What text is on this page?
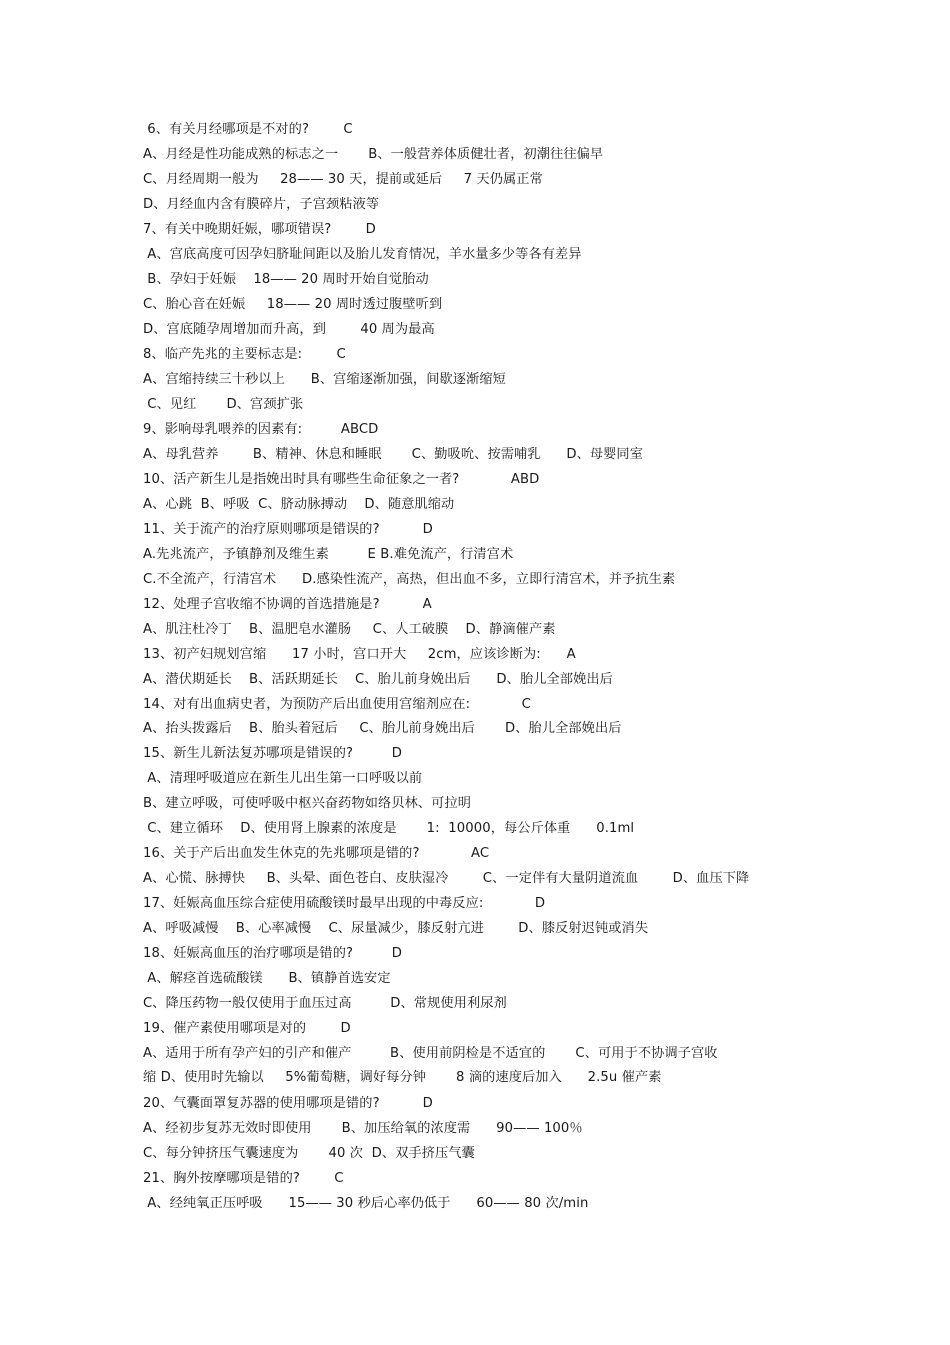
6、有关月经哪项是不对的?        C
A、月经是性功能成熟的标志之一       B、一般营养体质健壮者，初潮往往偏早
C、月经周期一般为     28—— 30 天，提前或延后     7 天仍属正常
D、月经血内含有膜碎片，子宫颈粘液等
7、有关中晚期妊娠，哪项错误?        D
A、宫底高度可因孕妇脐耻间距以及胎儿发育情况，羊水量多少等各有差异
B、孕妇于妊娠    18—— 20 周时开始自觉胎动
C、胎心音在妊娠     18—— 20 周时透过腹壁听到
D、宫底随孕周增加而升高，到        40 周为最高
8、临产先兆的主要标志是:        C
A、宫缩持续三十秒以上      B、宫缩逐渐加强，间歇逐渐缩短
C、见红       D、宫颈扩张
9、影响母乳喂养的因素有:         ABCD
A、母乳营养        B、精神、休息和睡眠       C、勤吸吮、按需哺乳      D、母婴同室
10、活产新生儿是指娩出时具有哪些生命征象之一者?            ABD
A、心跳  B、呼吸  C、脐动脉搏动    D、随意肌缩动
11、关于流产的治疗原则哪项是错误的?          D
A.先兆流产，予镇静剂及维生素         E B.难免流产，行清宫术
C.不全流产，行清宫术      D.感染性流产，高热，但出血不多，立即行清宫术，并予抗生素
12、处理子宫收缩不协调的首选措施是?          A
A、肌注杜冷丁    B、温肥皂水灌肠     C、人工破膜    D、静滴催产素
13、初产妇规划宫缩      17 小时，宫口开大     2cm，应该诊断为:      A
A、潜伏期延长    B、活跃期延长    C、胎儿前身娩出后      D、胎儿全部娩出后
14、对有出血病史者，为预防产后出血使用宫缩剂应在:            C
A、抬头拨露后    B、胎头着冠后     C、胎儿前身娩出后       D、胎儿全部娩出后
15、新生儿新法复苏哪项是错误的?         D
A、清理呼吸道应在新生儿出生第一口呼吸以前
B、建立呼吸，可使呼吸中枢兴奋药物如络贝林、可拉明
C、建立循环    D、使用肾上腺素的浓度是       1:  10000，每公斤体重      0.1ml
16、关于产后出血发生休克的先兆哪项是错的?            AC
A、心慌、脉搏快     B、头晕、面色苍白、皮肤湿冷        C、一定伴有大量阴道流血        D、血压下降
17、妊娠高血压综合症使用硫酸镁时最早出现的中毒反应:            D
A、呼吸减慢    B、心率减慢    C、尿量减少，膝反射亢进        D、膝反射迟钝或消失
18、妊娠高血压的治疗哪项是错的?         D
A、解痉首选硫酸镁      B、镇静首选安定
C、降压药物一般仅使用于血压过高         D、常规使用利尿剂
19、催产素使用哪项是对的        D
A、适用于所有孕产妇的引产和催产         B、使用前阴检是不适宜的       C、可用于不协调子宫收
缩 D、使用时先输以     5%葡萄糖，调好每分钟       8 滴的速度后加入      2.5u 催产素
20、气囊面罩复苏器的使用哪项是错的?          D
A、经初步复苏无效时即使用       B、加压给氧的浓度需      90—— 100％
C、每分钟挤压气囊速度为       40 次  D、双手挤压气囊
21、胸外按摩哪项是错的?        C
A、经纯氧正压呼吸      15—— 30 秒后心率仍低于      60—— 80 次/min
